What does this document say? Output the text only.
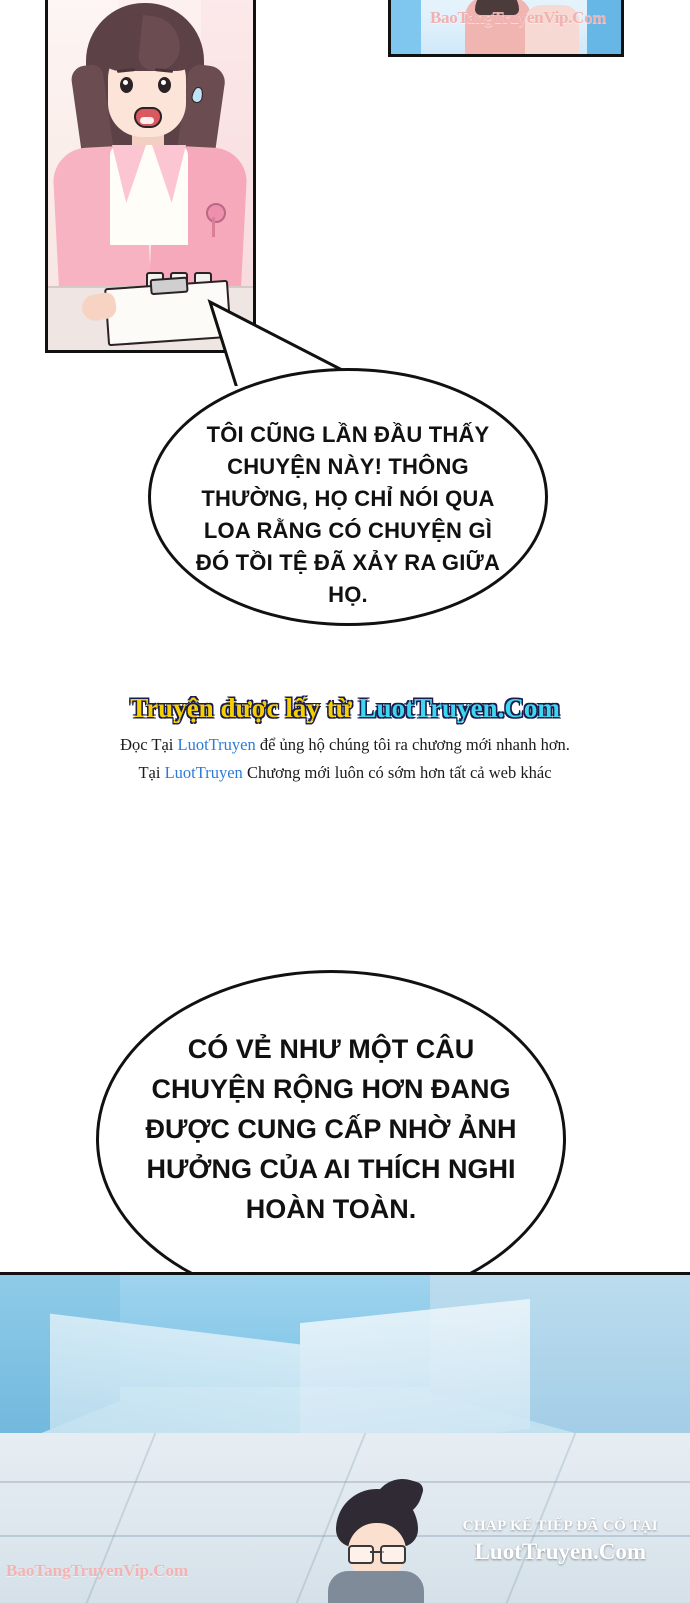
BaoTangTruyenVip.Com
TÔI CŨNG LẦN ĐẦU THẤY CHUYỆN NÀY! THÔNG THƯỜNG, HỌ CHỈ NÓI QUA LOA RẰNG CÓ CHUYỆN GÌ ĐÓ TỒI TỆ ĐÃ XẢY RA GIỮA HỌ.
Truyện được lấy từ LuotTruyen.Com
Đọc Tại LuotTruyen để ủng hộ chúng tôi ra chương mới nhanh hơn.
Tại LuotTruyen Chương mới luôn có sớm hơn tất cả web khác
CÓ VẺ NHƯ MỘT CÂU CHUYỆN RỘNG HƠN ĐANG ĐƯỢC CUNG CẤP NHỜ ẢNH HƯỞNG CỦA AI THÍCH NGHI HOÀN TOÀN.
CHAP KẾ TIẾP ĐÃ CÓ TẠI
LuotTruyen.Com
BaoTangTruyenVip.Com
